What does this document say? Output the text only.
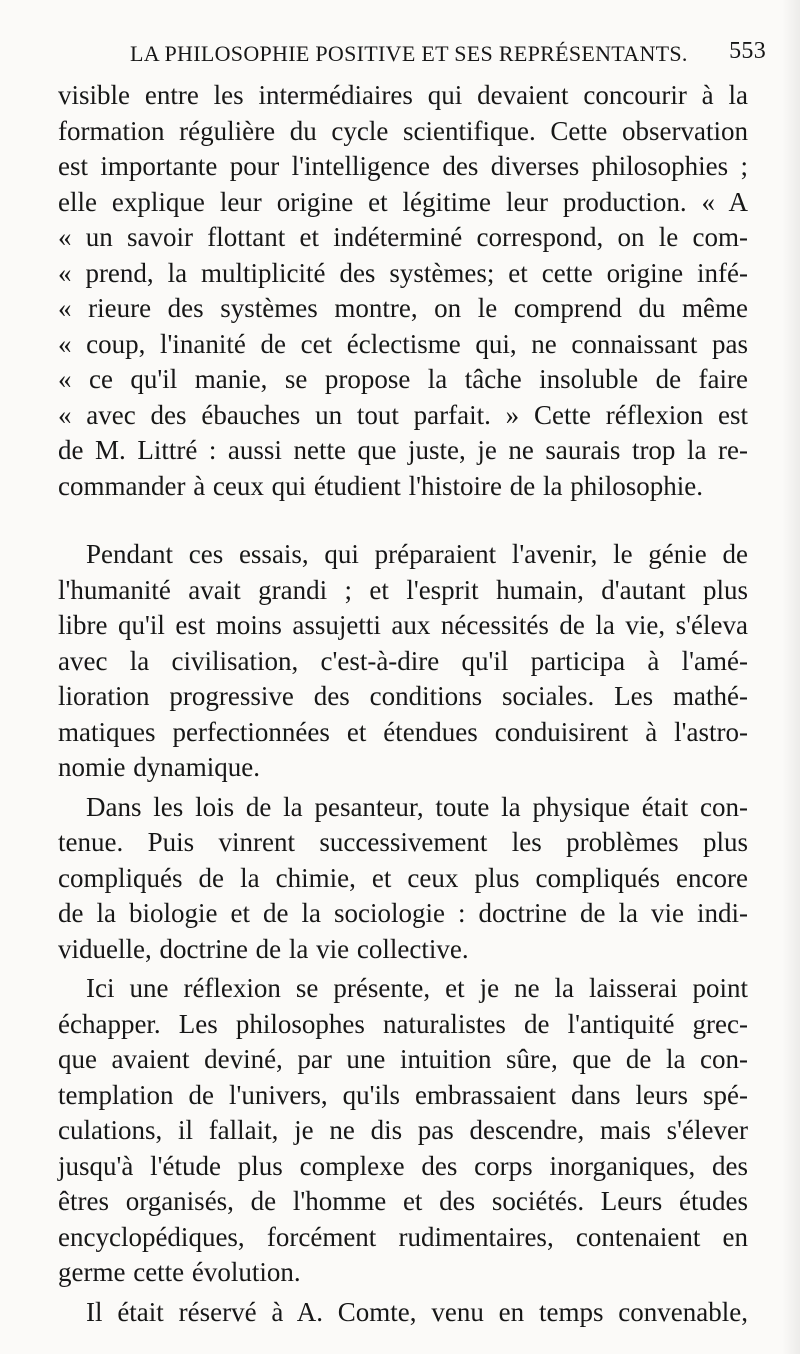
LA PHILOSOPHIE POSITIVE ET SES REPRÉSENTANTS. 553
visible entre les intermédiaires qui devaient concourir à la
formation régulière du cycle scientifique. Cette observation
est importante pour l'intelligence des diverses philosophies ;
elle explique leur origine et légitime leur production. « A
« un savoir flottant et indéterminé correspond, on le com-
« prend, la multiplicité des systèmes; et cette origine infé-
« rieure des systèmes montre, on le comprend du même
« coup, l'inanité de cet éclectisme qui, ne connaissant pas
« ce qu'il manie, se propose la tâche insoluble de faire
« avec des ébauches un tout parfait. » Cette réflexion est
de M. Littré : aussi nette que juste, je ne saurais trop la re-
commander à ceux qui étudient l'histoire de la philosophie.
Pendant ces essais, qui préparaient l'avenir, le génie de
l'humanité avait grandi ; et l'esprit humain, d'autant plus
libre qu'il est moins assujetti aux nécessités de la vie, s'éleva
avec la civilisation, c'est-à-dire qu'il participa à l'amé-
lioration progressive des conditions sociales. Les mathé-
matiques perfectionnées et étendues conduisirent à l'astro-
nomie dynamique.
Dans les lois de la pesanteur, toute la physique était con-
tenue. Puis vinrent successivement les problèmes plus
compliqués de la chimie, et ceux plus compliqués encore
de la biologie et de la sociologie : doctrine de la vie indi-
viduelle, doctrine de la vie collective.
Ici une réflexion se présente, et je ne la laisserai point
échapper. Les philosophes naturalistes de l'antiquité grec-
que avaient deviné, par une intuition sûre, que de la con-
templation de l'univers, qu'ils embrassaient dans leurs spé-
culations, il fallait, je ne dis pas descendre, mais s'élever
jusqu'à l'étude plus complexe des corps inorganiques, des
êtres organisés, de l'homme et des sociétés. Leurs études
encyclopédiques, forcément rudimentaires, contenaient en
germe cette évolution.
Il était réservé à A. Comte, venu en temps convenable,
